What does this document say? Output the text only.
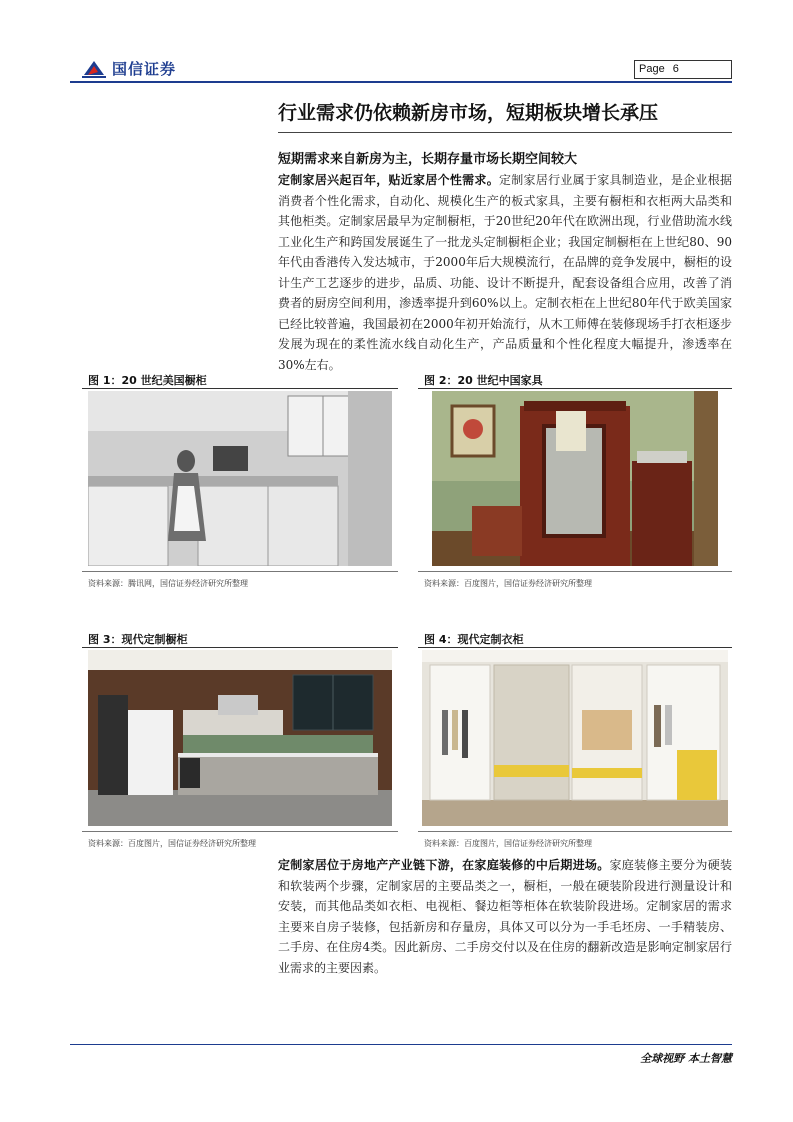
国信证券	Page 6
行业需求仍依赖新房市场，短期板块增长承压
短期需求来自新房为主，长期存量市场长期空间较大

定制家居兴起百年，贴近家居个性需求。定制家居行业属于家具制造业，是企业根据消费者个性化需求，自动化、规模化生产的板式家具，主要有橱柜和衣柜两大品类和其他柜类。定制家居最早为定制橱柜，于20世纪20年代在欧洲出现，行业借助流水线工业化生产和跨国发展诞生了一批龙头定制橱柜企业；我国定制橱柜在上世纪80、90年代由香港传入发达城市，于2000年后大规模流行，在品牌的竞争发展中，橱柜的设计生产工艺逐步的进步，品质、功能、设计不断提升，配套设备组合应用，改善了消费者的厨房空间利用，渗透率提升到60%以上。定制衣柜在上世纪80年代于欧美国家已经比较普遍，我国最初在2000年初开始流行，从木工师傅在装修现场手打衣柜逐步发展为现在的柔性流水线自动化生产，产品质量和个性化程度大幅提升，渗透率在30%左右。

图 1：20 世纪美国橱柜
资料来源：腾讯网，国信证券经济研究所整理
图 2：20 世纪中国家具
资料来源：百度图片，国信证券经济研究所整理
图 3：现代定制橱柜
资料来源：百度图片，国信证券经济研究所整理
图 4：现代定制衣柜
资料来源：百度图片，国信证券经济研究所整理

定制家居位于房地产产业链下游，在家庭装修的中后期进场。家庭装修主要分为硬装和软装两个步骤，定制家居的主要品类之一，橱柜，一般在硬装阶段进行测量设计和安装，而其他品类如衣柜、电视柜、餐边柜等柜体在软装阶段进场。定制家居的需求主要来自房子装修，包括新房和存量房，具体又可以分为一手毛坯房、一手精装房、二手房、在住房4类。因此新房、二手房交付以及在住房的翻新改造是影响定制家居行业需求的主要因素。

全球视野 本土智慧
